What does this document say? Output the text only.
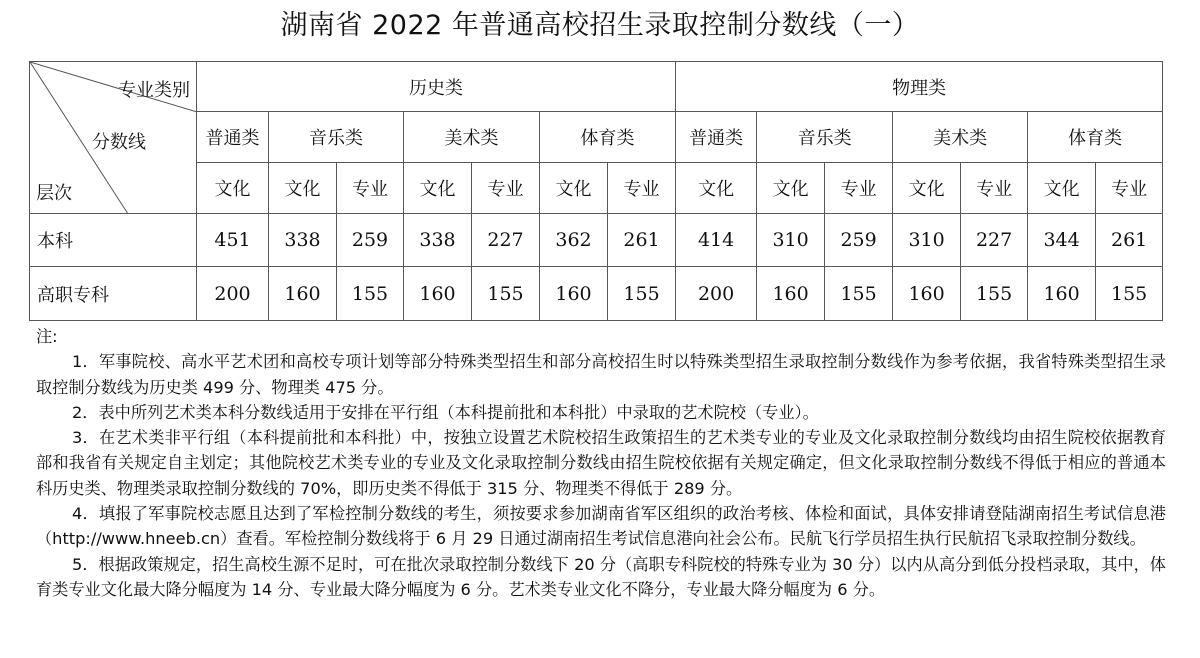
湖南省 2022 年普通高校招生录取控制分数线（一）
专业类别
分数线
层次	历史类							物理类						
	普通类	音乐类		美术类		体育类		普通类	音乐类		美术类		体育类	
	文化	文化	专业	文化	专业	文化	专业	文化	文化	专业	文化	专业	文化	专业
本科	451	338	259	338	227	362	261	414	310	259	310	227	344	261
高职专科	200	160	155	160	155	160	155	200	160	155	160	155	160	155

注:

1．军事院校、高水平艺术团和高校专项计划等部分特殊类型招生和部分高校招生时以特殊类型招生录取控制分数线作为参考依据，我省特殊类型招生录取控制分数线为历史类 499 分、物理类 475 分。

2．表中所列艺术类本科分数线适用于安排在平行组（本科提前批和本科批）中录取的艺术院校（专业）。

3．在艺术类非平行组（本科提前批和本科批）中，按独立设置艺术院校招生政策招生的艺术类专业的专业及文化录取控制分数线均由招生院校依据教育部和我省有关规定自主划定；其他院校艺术类专业的专业及文化录取控制分数线由招生院校依据有关规定确定，但文化录取控制分数线不得低于相应的普通本科历史类、物理类录取控制分数线的 70%，即历史类不得低于 315 分、物理类不得低于 289 分。

4．填报了军事院校志愿且达到了军检控制分数线的考生，须按要求参加湖南省军区组织的政治考核、体检和面试，具体安排请登陆湖南招生考试信息港（http://www.hneeb.cn）查看。军检控制分数线将于 6 月 29 日通过湖南招生考试信息港向社会公布。民航飞行学员招生执行民航招飞录取控制分数线。

5．根据政策规定，招生高校生源不足时，可在批次录取控制分数线下 20 分（高职专科院校的特殊专业为 30 分）以内从高分到低分投档录取，其中，体育类专业文化最大降分幅度为 14 分、专业最大降分幅度为 6 分。艺术类专业文化不降分，专业最大降分幅度为 6 分。
